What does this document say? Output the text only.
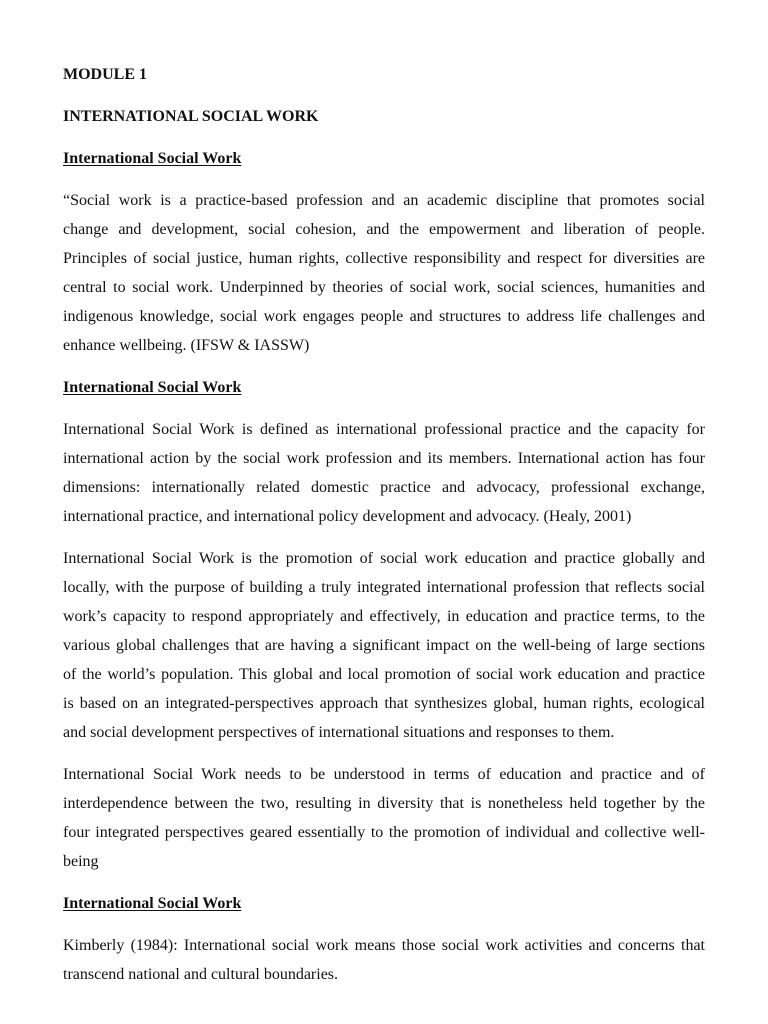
MODULE 1
INTERNATIONAL SOCIAL WORK
International Social Work
“Social work is a practice-based profession and an academic discipline that promotes social
change and development, social cohesion, and the empowerment and liberation of people.
Principles of social justice, human rights, collective responsibility and respect for diversities are
central to social work. Underpinned by theories of social work, social sciences, humanities and
indigenous knowledge, social work engages people and structures to address life challenges and
enhance wellbeing. (IFSW & IASSW)
International Social Work
International Social Work is defined as international professional practice and the capacity for
international action by the social work profession and its members. International action has four
dimensions: internationally related domestic practice and advocacy, professional exchange,
international practice, and international policy development and advocacy. (Healy, 2001)
International Social Work is the promotion of social work education and practice globally and
locally, with the purpose of building a truly integrated international profession that reflects social
work’s capacity to respond appropriately and effectively, in education and practice terms, to the
various global challenges that are having a significant impact on the well-being of large sections
of the world’s population. This global and local promotion of social work education and practice
is based on an integrated-perspectives approach that synthesizes global, human rights, ecological
and social development perspectives of international situations and responses to them.
International Social Work needs to be understood in terms of education and practice and of
interdependence between the two, resulting in diversity that is nonetheless held together by the
four integrated perspectives geared essentially to the promotion of individual and collective well-
being
International Social Work
Kimberly (1984): International social work means those social work activities and concerns that
transcend national and cultural boundaries.
